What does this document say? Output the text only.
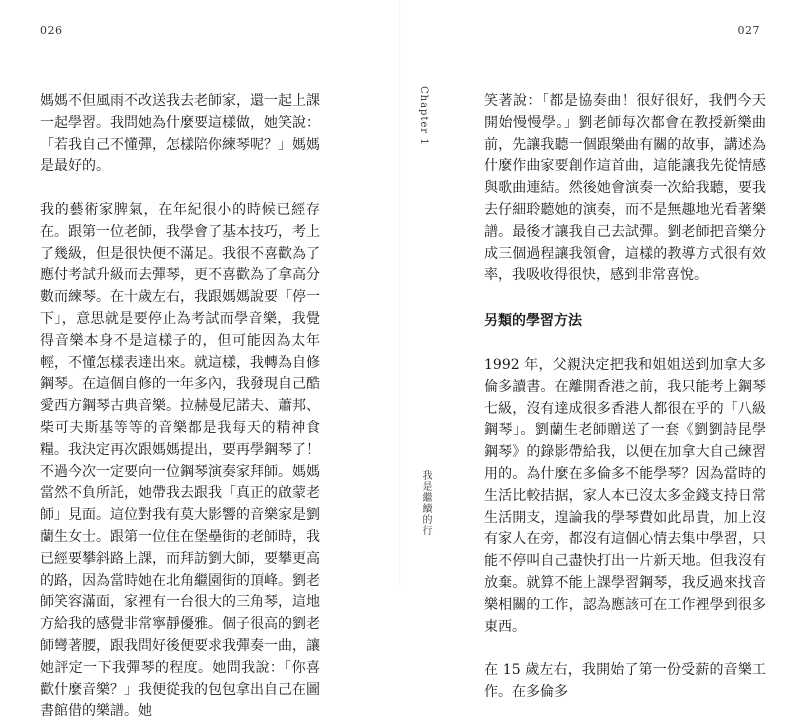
026	027

媽媽不但風雨不改送我去老師家，還一起上課一起學習。我問她為什麼要這樣做，她笑說：「若我自己不懂彈，怎樣陪你練琴呢？」媽媽是最好的。

我的藝術家脾氣，在年紀很小的時候已經存在。跟第一位老師，我學會了基本技巧，考上了幾級，但是很快便不滿足。我很不喜歡為了應付考試升級而去彈琴，更不喜歡為了拿高分數而練琴。在十歲左右，我跟媽媽說要「停一下」，意思就是要停止為考試而學音樂，我覺得音樂本身不是這樣子的，但可能因為太年輕，不懂怎樣表達出來。就這樣，我轉為自修鋼琴。在這個自修的一年多內，我發現自己酷愛西方鋼琴古典音樂。拉赫曼尼諾夫、蕭邦、柴可夫斯基等等的音樂都是我每天的精神食糧。我決定再次跟媽媽提出，要再學鋼琴了！不過今次一定要向一位鋼琴演奏家拜師。媽媽當然不負所託，她帶我去跟我「真正的啟蒙老師」見面。這位對我有莫大影響的音樂家是劉蘭生女士。跟第一位住在堡壘街的老師時，我已經要攀斜路上課，而拜訪劉大師，要攀更高的路，因為當時她在北角繼園街的頂峰。劉老師笑容滿面，家裡有一台很大的三角琴，這地方給我的感覺非常寧靜優雅。個子很高的劉老師彎著腰，跟我問好後便要求我彈奏一曲，讓她評定一下我彈琴的程度。她問我說：「你喜歡什麼音樂？」我便從我的包包拿出自己在圖書館借的樂譜。她

Chapter 1
我是繼續的行

笑著說：「都是協奏曲！很好很好，我們今天開始慢慢學。」劉老師每次都會在教授新樂曲前，先讓我聽一個跟樂曲有關的故事，講述為什麼作曲家要創作這首曲，這能讓我先從情感與歌曲連結。然後她會演奏一次給我聽，要我去仔細聆聽她的演奏，而不是無趣地光看著樂譜。最後才讓我自己去試彈。劉老師把音樂分成三個過程讓我領會，這樣的教導方式很有效率，我吸收得很快，感到非常喜悅。

另類的學習方法

1992 年，父親決定把我和姐姐送到加拿大多倫多讀書。在離開香港之前，我只能考上鋼琴七級，沒有達成很多香港人都很在乎的「八級鋼琴」。劉蘭生老師贈送了一套《劉劉詩昆學鋼琴》的錄影帶給我，以便在加拿大自己練習用的。為什麼在多倫多不能學琴？因為當時的生活比較拮据，家人本已沒太多金錢支持日常生活開支，遑論我的學琴費如此昂貴，加上沒有家人在旁，都沒有這個心情去集中學習，只能不停叫自己盡快打出一片新天地。但我沒有放棄。就算不能上課學習鋼琴，我反過來找音樂相關的工作，認為應該可在工作裡學到很多東西。

在 15 歲左右，我開始了第一份受薪的音樂工作。在多倫多
